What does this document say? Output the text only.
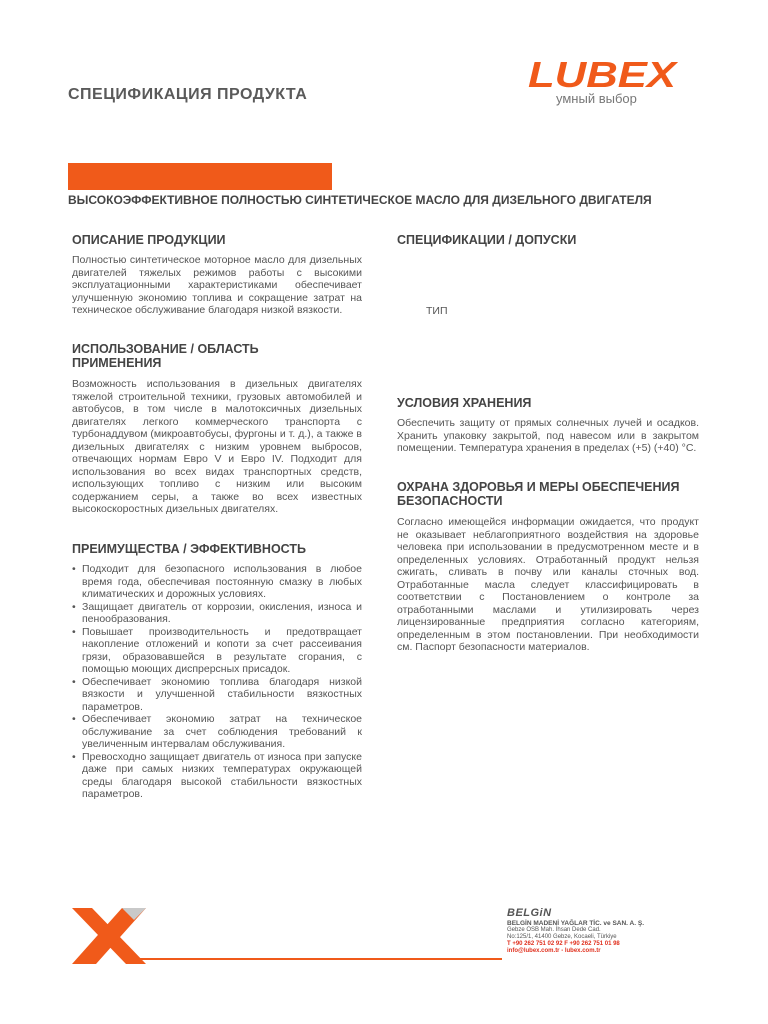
СПЕЦИФИКАЦИЯ ПРОДУКТА	LUBEX
умный выбор
ВЫСОКОЭФФЕКТИВНОЕ ПОЛНОСТЬЮ СИНТЕТИЧЕСКОЕ МАСЛО ДЛЯ ДИЗЕЛЬНОГО ДВИГАТЕЛЯ
ОПИСАНИЕ ПРОДУКЦИИ
Полностью синтетическое моторное масло для дизельных двигателей тяжелых режимов работы с высокими эксплуатационными характеристиками обеспечивает улучшенную экономию топлива и сокращение затрат на техническое обслуживание благодаря низкой вязкости.
ИСПОЛЬЗОВАНИЕ / ОБЛАСТЬ ПРИМЕНЕНИЯ
Возможность использования в дизельных двигателях тяжелой строительной техники, грузовых автомобилей и автобусов, в том числе в малотоксичных дизельных двигателях легкого коммерческого транспорта с турбонаддувом (микроавтобусы, фургоны и т. д.), а также в дизельных двигателях с низким уровнем выбросов, отвечающих нормам Евро V и Евро IV. Подходит для использования во всех видах транспортных средств, использующих топливо с низким или высоким содержанием серы, а также во всех известных высокоскоростных дизельных двигателях.
ПРЕИМУЩЕСТВА / ЭФФЕКТИВНОСТЬ
• Подходит для безопасного использования в любое время года, обеспечивая постоянную смазку в любых климатических и дорожных условиях.
• Защищает двигатель от коррозии, окисления, износа и пенообразования.
• Повышает производительность и предотвращает накопление отложений и копоти за счет рассеивания грязи, образовавшейся в результате сгорания, с помощью моющих диспрерсных присадок.
• Обеспечивает экономию топлива благодаря низкой вязкости и улучшенной стабильности вязкостных параметров.
• Обеспечивает экономию затрат на техническое обслуживание за счет соблюдения требований к увеличенным интервалам обслуживания.
• Превосходно защищает двигатель от износа при запуске даже при самых низких температурах окружающей среды благодаря высокой стабильности вязкостных параметров.
СПЕЦИФИКАЦИИ / ДОПУСКИ
ТИП
УСЛОВИЯ ХРАНЕНИЯ
Обеспечить защиту от прямых солнечных лучей и осадков. Хранить упаковку закрытой, под навесом или в закрытом помещении. Температура хранения в пределах (+5) (+40) °C.
ОХРАНА ЗДОРОВЬЯ И МЕРЫ ОБЕСПЕЧЕНИЯ БЕЗОПАСНОСТИ
Согласно имеющейся информации ожидается, что продукт не оказывает неблагоприятного воздействия на здоровье человека при использовании в предусмотренном месте и в определенных условиях. Отработанный продукт нельзя сжигать, сливать в почву или каналы сточных вод. Отработанные масла следует классифицировать в соответствии с Постановлением о контроле за отработанными маслами и утилизировать через лицензированные предприятия согласно категориям, определенным в этом постановлении. При необходимости см. Паспорт безопасности материалов.
BELGiN
BELGİN MADENİ YAĞLAR TİC. ve SAN. A. Ş.
Gebze OSB Mah. İhsan Dede Cad.
No:125/1, 41400 Gebze, Kocaeli, Türkiye
T +90 262 751 02 92 F +90 262 751 01 98
info@lubex.com.tr - lubex.com.tr
